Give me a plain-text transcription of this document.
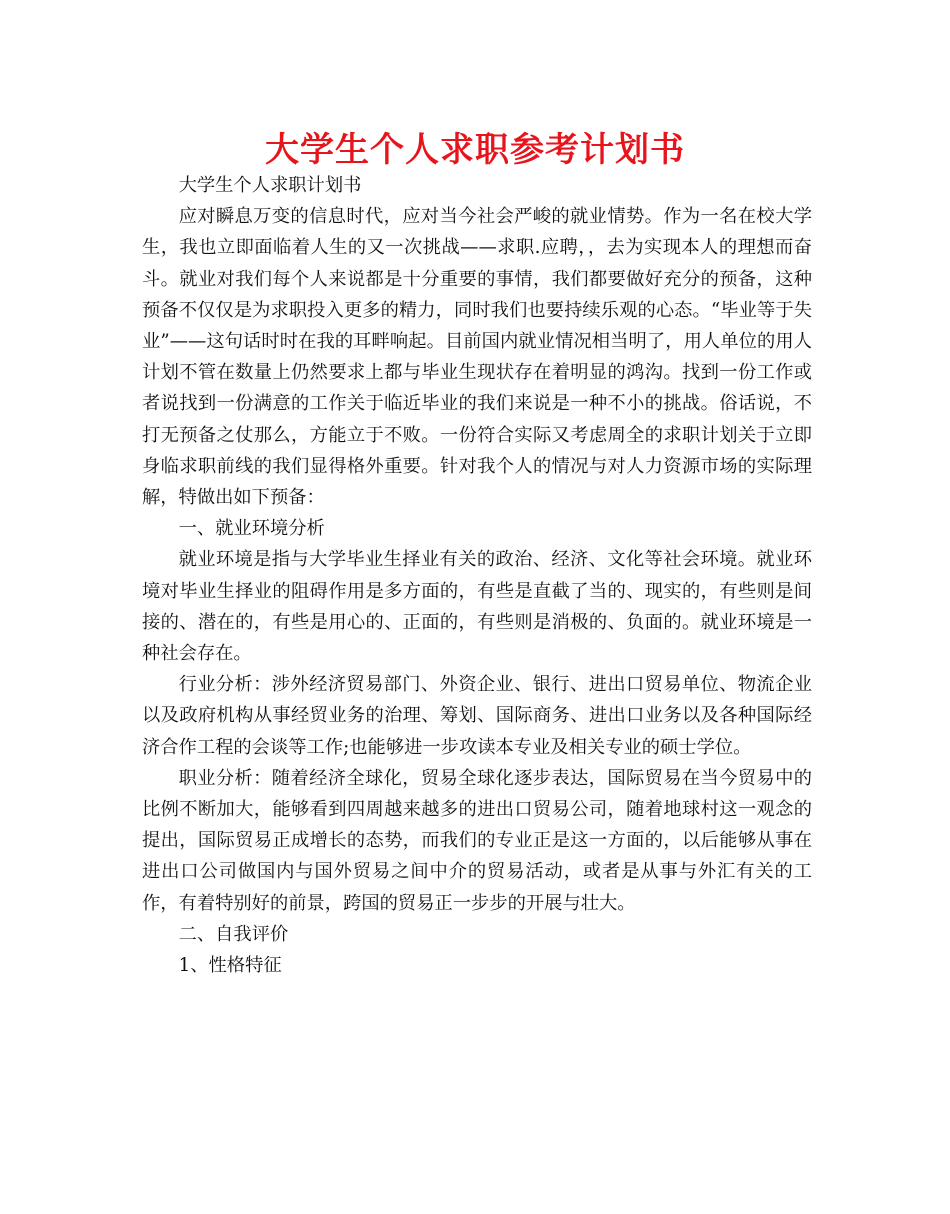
大学生个人求职参考计划书

大学生个人求职计划书

应对瞬息万变的信息时代，应对当今社会严峻的就业情势。作为一名在校大学生，我也立即面临着人生的又一次挑战——求职.应聘，，去为实现本人的理想而奋斗。就业对我们每个人来说都是十分重要的事情，我们都要做好充分的预备，这种预备不仅仅是为求职投入更多的精力，同时我们也要持续乐观的心态。“毕业等于失业”——这句话时时在我的耳畔响起。目前国内就业情况相当明了，用人单位的用人计划不管在数量上仍然要求上都与毕业生现状存在着明显的鸿沟。找到一份工作或者说找到一份满意的工作关于临近毕业的我们来说是一种不小的挑战。俗话说，不打无预备之仗那么，方能立于不败。一份符合实际又考虑周全的求职计划关于立即身临求职前线的我们显得格外重要。针对我个人的情况与对人力资源市场的实际理解，特做出如下预备：

一、就业环境分析

就业环境是指与大学毕业生择业有关的政治、经济、文化等社会环境。就业环境对毕业生择业的阻碍作用是多方面的，有些是直截了当的、现实的，有些则是间接的、潜在的，有些是用心的、正面的，有些则是消极的、负面的。就业环境是一种社会存在。

行业分析：涉外经济贸易部门、外资企业、银行、进出口贸易单位、物流企业以及政府机构从事经贸业务的治理、筹划、国际商务、进出口业务以及各种国际经济合作工程的会谈等工作;也能够进一步攻读本专业及相关专业的硕士学位。

职业分析：随着经济全球化，贸易全球化逐步表达，国际贸易在当今贸易中的比例不断加大，能够看到四周越来越多的进出口贸易公司，随着地球村这一观念的提出，国际贸易正成增长的态势，而我们的专业正是这一方面的，以后能够从事在进出口公司做国内与国外贸易之间中介的贸易活动，或者是从事与外汇有关的工作，有着特别好的前景，跨国的贸易正一步步的开展与壮大。

二、自我评价

1、性格特征
